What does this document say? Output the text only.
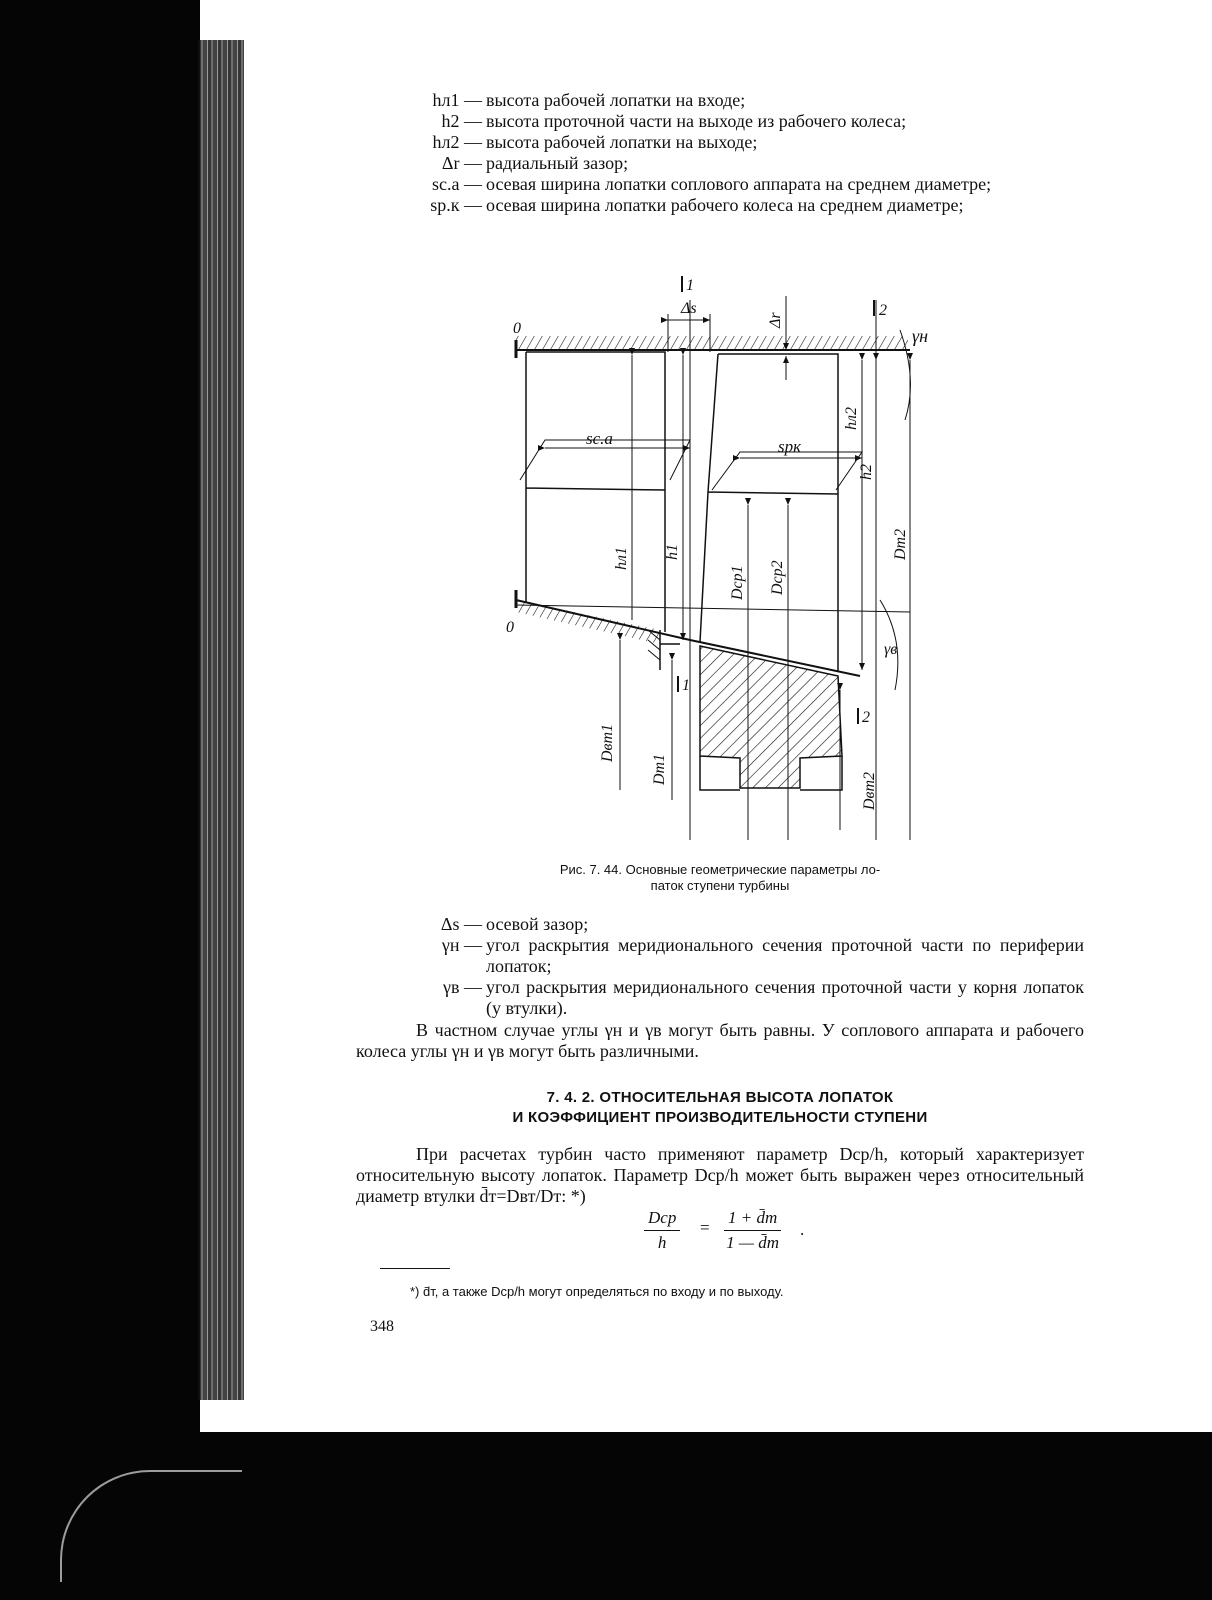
hл1 — высота рабочей лопатки на входе;
h2 — высота проточной части на выходе из рабочего колеса;
hл2 — высота рабочей лопатки на выходе;
Δr — радиальный зазор;
sс.а — осевая ширина лопатки соплового аппарата на среднем диаметре;
sр.к — осевая ширина лопатки рабочего колеса на среднем диаметре;
1
2
0
0
Δs
Δr
γн
γв
sс.а	sрк
hл1 h1
Dср1 Dср2
hл2
h2
Dт2
1
2
Dвт1
Dт1
Dвт2
Рис. 7. 44. Основные геометрические параметры ло-
паток ступени турбины
Δs — осевой зазор;
γн — угол раскрытия меридионального сечения проточной части по периферии лопаток;
γв — угол раскрытия меридионального сечения проточной части у корня лопаток (у втулки).
В частном случае углы γн и γв могут быть равны. У соплового аппарата и рабочего колеса углы γн и γв могут быть различными.
7. 4. 2. ОТНОСИТЕЛЬНАЯ ВЫСОТА ЛОПАТОК
И КОЭФФИЦИЕНТ ПРОИЗВОДИТЕЛЬНОСТИ СТУПЕНИ
При расчетах турбин часто применяют параметр Dср/h, который характеризует относительную высоту лопаток. Параметр Dср/h может быть выражен через относительный диаметр втулки d̄т=Dвт/Dт: *)
Dср
h
=
1 + d̄т
1 — d̄т
.
*) d̄т, а также Dср/h могут определяться по входу и по выходу.
348
